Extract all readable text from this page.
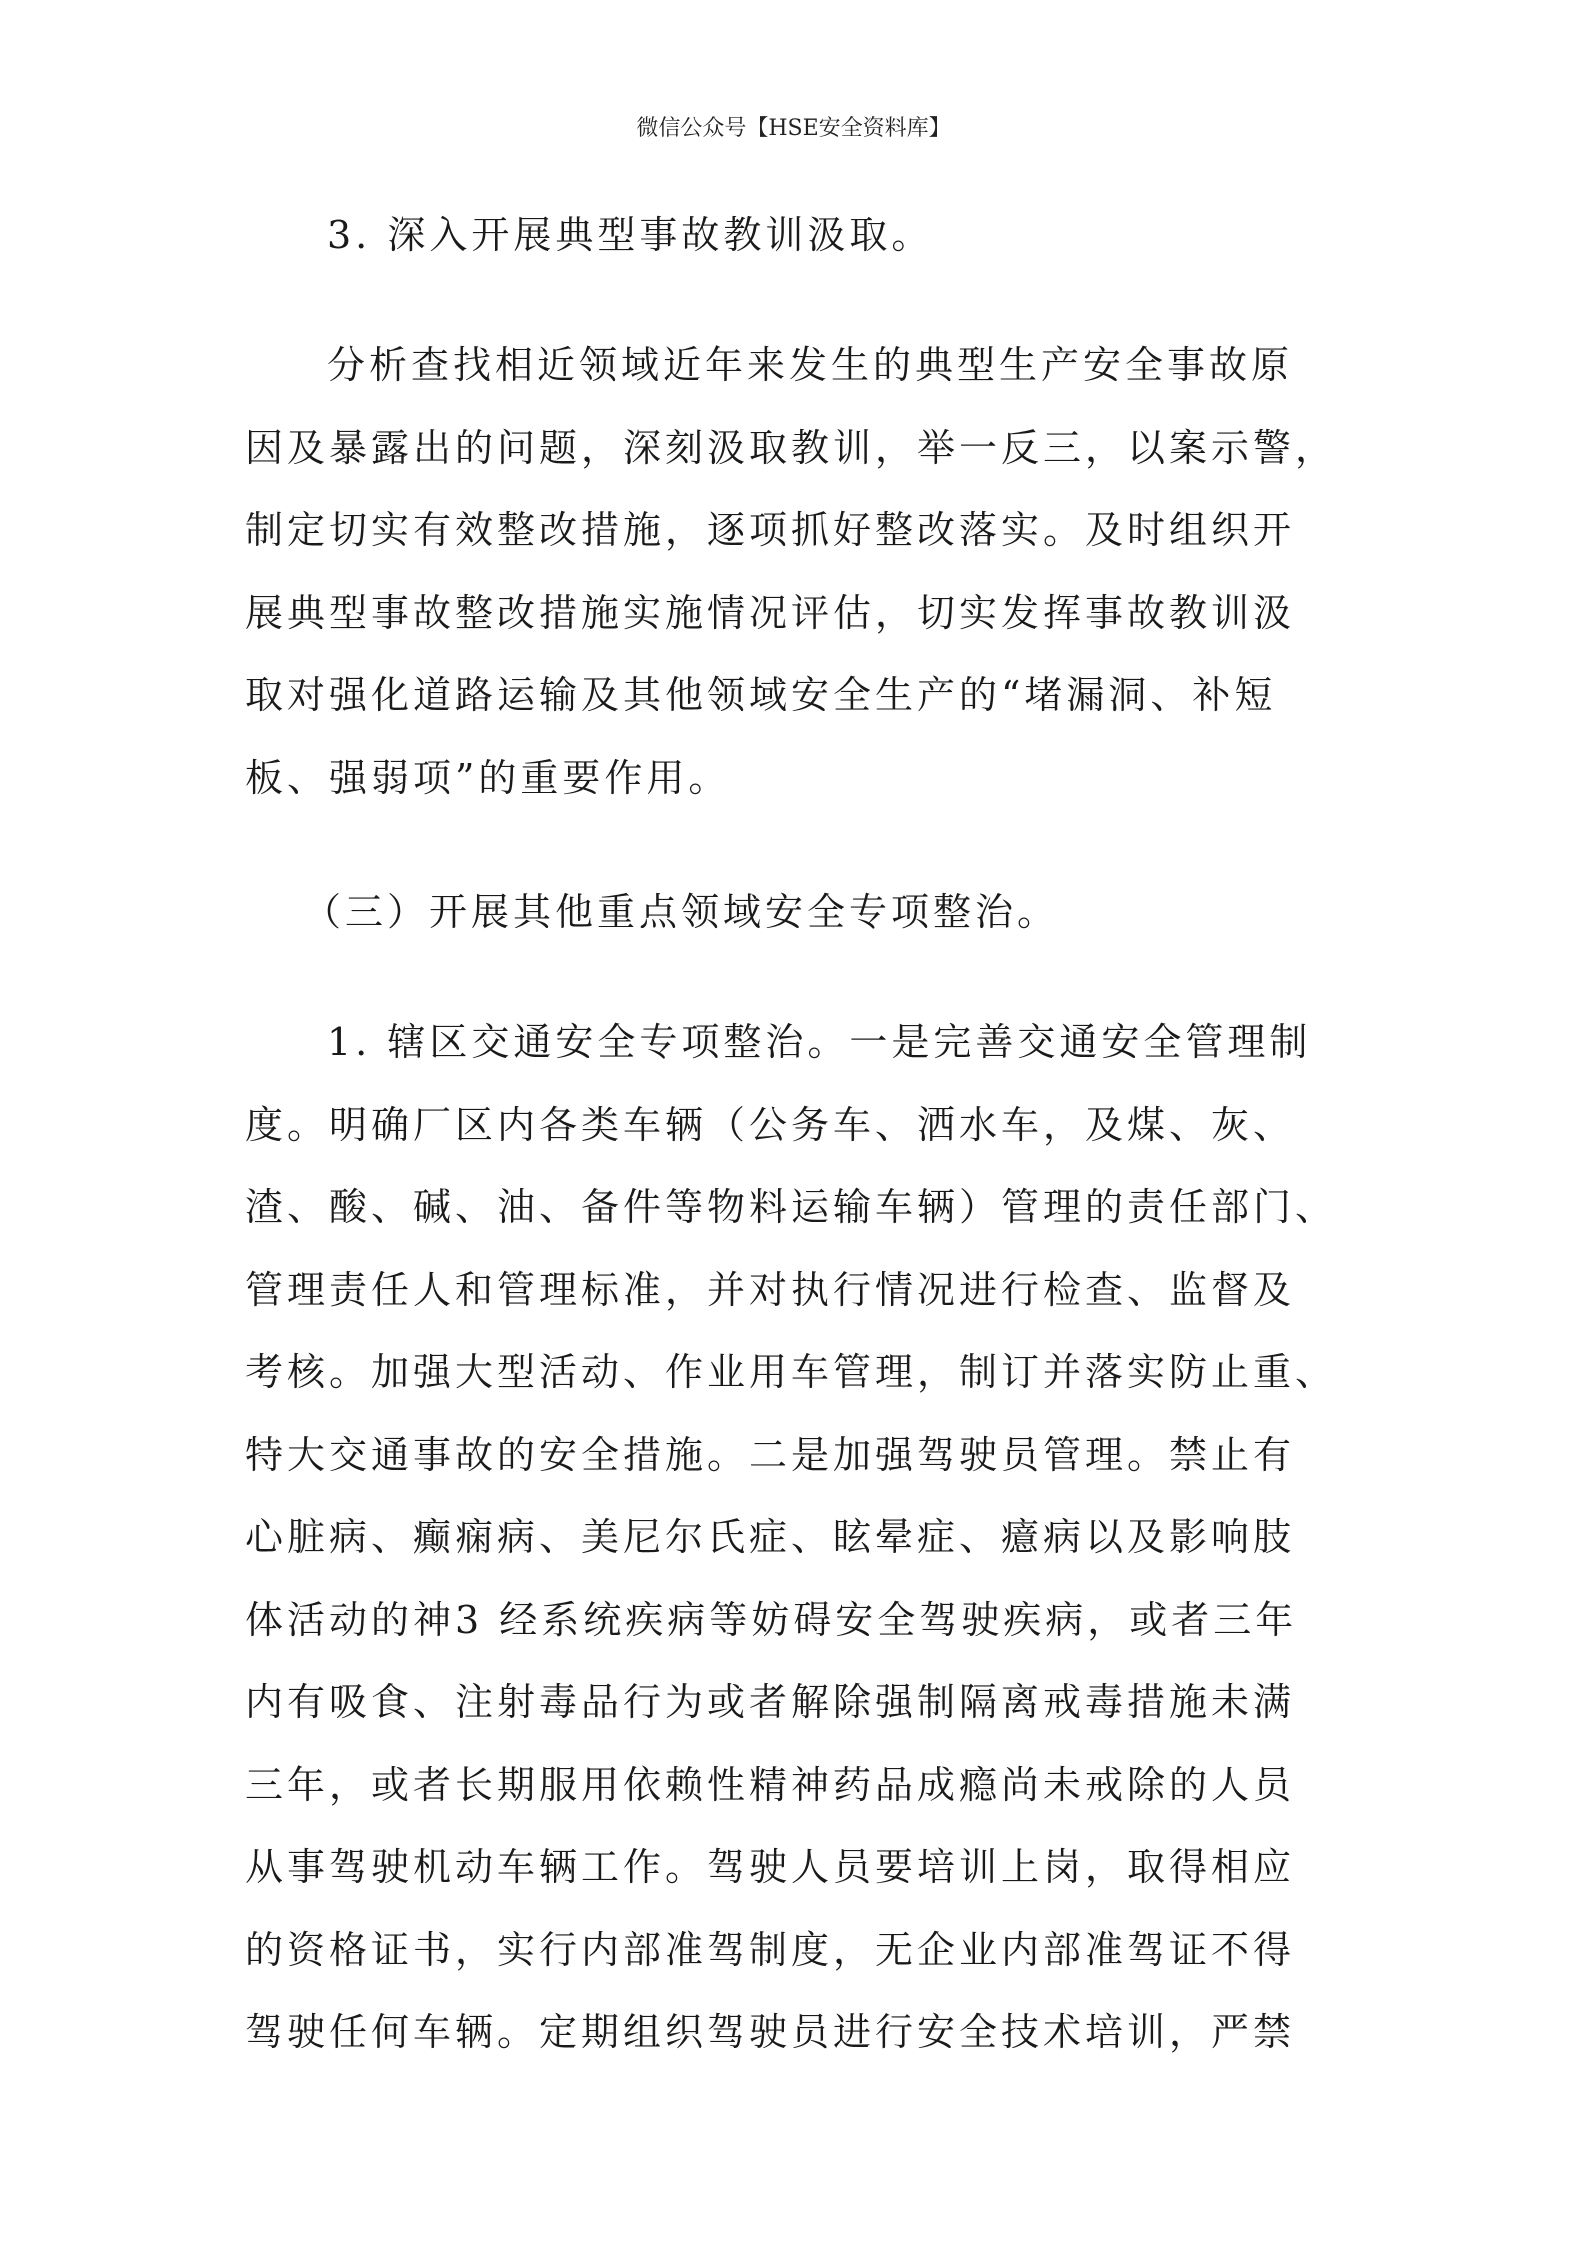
微信公众号【HSE安全资料库】

3. 深入开展典型事故教训汲取。

分析查找相近领域近年来发生的典型生产安全事故原
因及暴露出的问题，深刻汲取教训，举一反三，以案示警，
制定切实有效整改措施，逐项抓好整改落实。及时组织开
展典型事故整改措施实施情况评估，切实发挥事故教训汲
取对强化道路运输及其他领域安全生产的“堵漏洞、补短
板、强弱项”的重要作用。

（三）开展其他重点领域安全专项整治。

1. 辖区交通安全专项整治。一是完善交通安全管理制
度。明确厂区内各类车辆（公务车、洒水车，及煤、灰、
渣、酸、碱、油、备件等物料运输车辆）管理的责任部门、
管理责任人和管理标准，并对执行情况进行检查、监督及
考核。加强大型活动、作业用车管理，制订并落实防止重、
特大交通事故的安全措施。二是加强驾驶员管理。禁止有
心脏病、癫痫病、美尼尔氏症、眩晕症、癔病以及影响肢
体活动的神3 经系统疾病等妨碍安全驾驶疾病，或者三年
内有吸食、注射毒品行为或者解除强制隔离戒毒措施未满
三年，或者长期服用依赖性精神药品成瘾尚未戒除的人员
从事驾驶机动车辆工作。驾驶人员要培训上岗，取得相应
的资格证书，实行内部准驾制度，无企业内部准驾证不得
驾驶任何车辆。定期组织驾驶员进行安全技术培训，严禁
